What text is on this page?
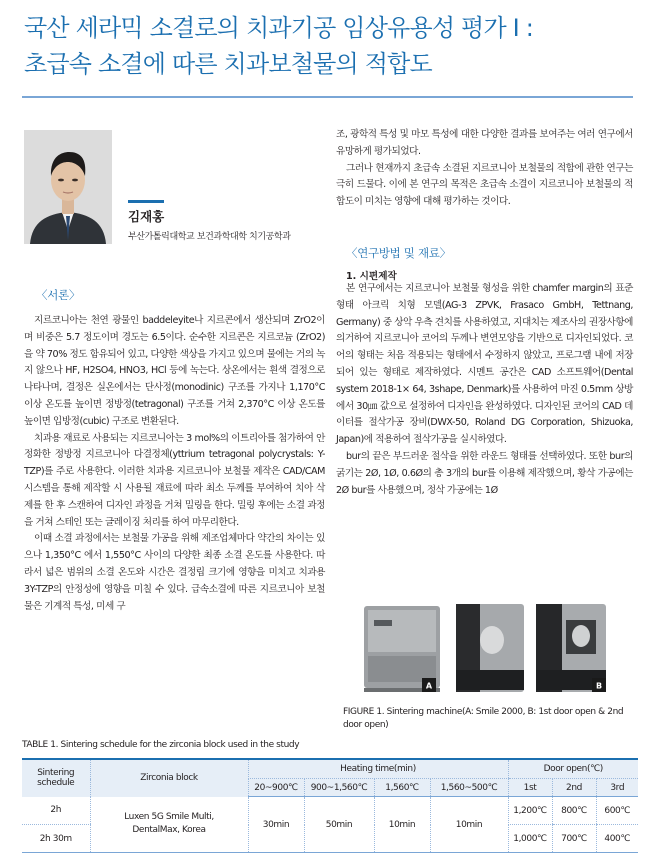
국산 세라믹 소결로의 치과기공 임상유용성 평가 Ⅰ :
초급속 소결에 따른 치과보철물의 적합도
김재홍
부산가톨릭대학교 보건과학대학 치기공학과
〈서론〉

지르코니아는 천연 광물인 baddeleyite나 지르콘에서 생산되며 ZrO2이며 비중은 5.7 정도이며 경도는 6.5이다. 순수한 지르콘은 지르코늄 (ZrO2)을 약 70% 정도 함유되어 있고, 다양한 색상을 가지고 있으며 물에는 거의 녹지 않으나 HF, H2SO4, HNO3, HCl 등에 녹는다. 상온에서는 흰색 결정으로 나타나며, 결정은 실온에서는 단사정(monodinic) 구조를 가지나 1,170°C 이상 온도를 높이면 정방정(tetragonal) 구조를 거쳐 2,370°C 이상 온도를 높이면 입방정(cubic) 구조로 변환된다.

치과용 재료로 사용되는 지르코니아는 3 mol%의 이트리아를 첨가하여 안정화한 정방정 지르코니아 다결정체(yttrium tetragonal polycrystals: Y-TZP)를 주로 사용한다. 이러한 치과용 지르코니아 보철물 제작은 CAD/CAM 시스템을 통해 제작할 시 사용될 재료에 따라 최소 두께를 부여하여 치아 삭제를 한 후 스캔하여 디자인 과정을 거쳐 밀링을 한다. 밀링 후에는 소결 과정을 거쳐 스테인 또는 글레이징 처리를 하여 마무리한다.

이때 소결 과정에서는 보철물 가공을 위해 제조업체마다 약간의 차이는 있으나 1,350°C 에서 1,550°C 사이의 다양한 최종 소결 온도를 사용한다. 따라서 넓은 범위의 소결 온도와 시간은 결정립 크기에 영향을 미치고 치과용 3Y-TZP의 안정성에 영향을 미칠 수 있다. 급속소결에 따른 지르코니아 보철물은 기계적 특성, 미세 구

조, 광학적 특성 및 마모 특성에 대한 다양한 결과를 보여주는 여러 연구에서 유망하게 평가되었다.

그러나 현재까지 초급속 소결된 지르코니아 보철물의 적합에 관한 연구는 극히 드물다. 이에 본 연구의 목적은 초급속 소결이 지르코니아 보철물의 적합도이 미치는 영향에 대해 평가하는 것이다.

〈연구방법 및 재료〉
1. 시편제작

본 연구에서는 지르코니아 보철물 형성을 위한 chamfer margin의 표준형태 아크릭 치형 모델(AG-3 ZPVK, Frasaco GmbH, Tettnang, Germany) 중 상악 우측 견치를 사용하였고, 지대치는 제조사의 권장사항에 의거하여 지르코니아 코어의 두께나 변연모양을 기반으로 디자인되었다. 코어의 형태는 처음 적용되는 형태에서 수정하지 않았고, 프로그램 내에 저장되어 있는 형태로 제작하였다. 시멘트 공간은 CAD 소프트웨어(Dental system 2018-1× 64, 3shape, Denmark)를 사용하여 마진 0.5mm 상방에서 30㎛ 값으로 설정하여 디자인을 완성하였다. 디자인된 코어의 CAD 데이터를 절삭가공 장비(DWX-50, Roland DG Corporation, Shizuoka, Japan)에 적용하여 절삭가공을 실시하였다.

bur의 끝은 부드러운 절삭을 위한 라운드 형태를 선택하였다. 또한 bur의 굵기는 2Ø, 1Ø, 0.6Ø의 총 3개의 bur를 이용해 제작했으며, 황삭 가공에는 2Ø bur를 사용했으며, 정삭 가공에는 1Ø

A	B
FIGURE 1. Sintering machine(A: Smile 2000, B: 1st door open & 2nd door open)
TABLE 1. Sintering schedule for the zirconia block used in the study
Sintering schedule	Zirconia block	Heating time(min)				Door open(℃)		
		20~900℃	900~1,560℃	1,560℃	1,560~500℃	1st	2nd	3rd
2h	Luxen 5G Smile Multi, DentalMax, Korea	30min	50min	10min	10min	1,200℃	800℃	600℃
2h 30m						1,000℃	700℃	400℃
